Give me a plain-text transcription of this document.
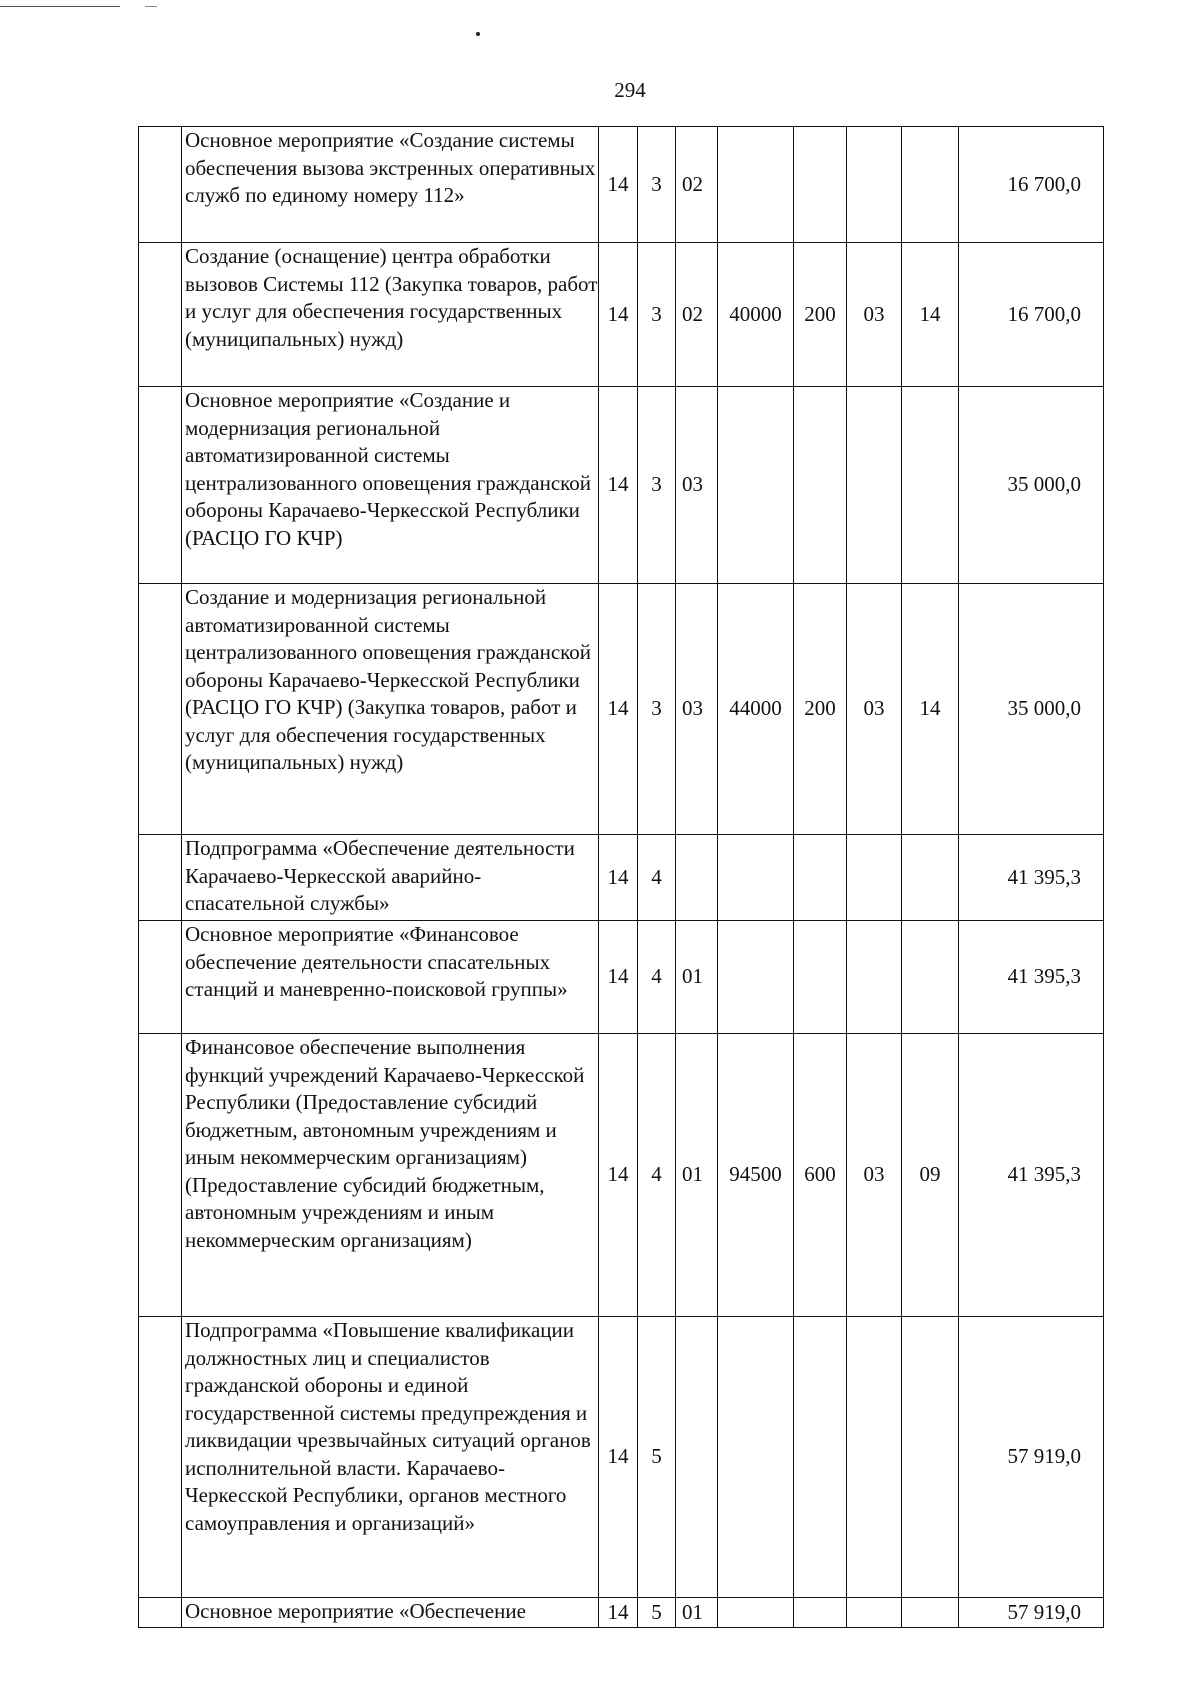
294
	Основное мероприятие «Создание системы обеспечения вызова экстренных оперативных служб по единому номеру 112»	14	3	02					16 700,0
	Создание (оснащение) центра обработки вызовов Системы 112 (Закупка товаров, работ и услуг для обеспечения государственных (муниципальных) нужд)	14	3	02	40000	200	03	14	16 700,0
	Основное мероприятие «Создание и модернизация региональной автоматизированной системы централизованного оповещения гражданской обороны Карачаево-Черкесской Республики (РАСЦО ГО КЧР)	14	3	03					35 000,0
	Создание и модернизация региональной автоматизированной системы централизованного оповещения гражданской обороны Карачаево-Черкесской Республики (РАСЦО ГО КЧР) (Закупка товаров, работ и услуг для обеспечения государственных (муниципальных) нужд)	14	3	03	44000	200	03	14	35 000,0
	Подпрограмма «Обеспечение деятельности Карачаево-Черкесской аварийно-спасательной службы»	14	4						41 395,3
	Основное мероприятие «Финансовое обеспечение деятельности спасательных станций и маневренно-поисковой группы»	14	4	01					41 395,3
	Финансовое обеспечение выполнения функций учреждений Карачаево-Черкесской Республики (Предоставление субсидий бюджетным, автономным учреждениям и иным некоммерческим организациям) (Предоставление субсидий бюджетным, автономным учреждениям и иным некоммерческим организациям)	14	4	01	94500	600	03	09	41 395,3
	Подпрограмма «Повышение квалификации должностных лиц и специалистов гражданской обороны и единой государственной системы предупреждения и ликвидации чрезвычайных ситуаций органов исполнительной власти. Карачаево-Черкесской Республики, органов местного самоуправления и организаций»	14	5						57 919,0
	Основное мероприятие «Обеспечение	14	5	01					57 919,0
